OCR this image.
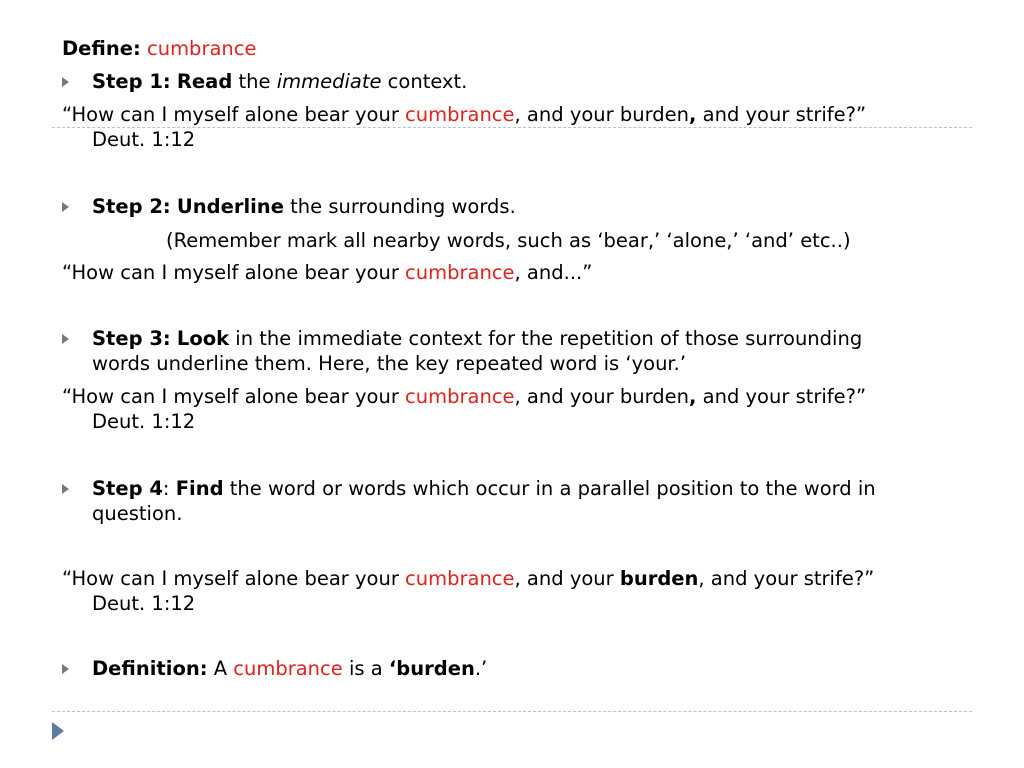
Define: cumbrance
Step 1: Read the immediate context.
“How can I myself alone bear your cumbrance, and your burden, and your strife?”
Deut. 1:12
Step 2: Underline the surrounding words.
(Remember mark all nearby words, such as ‘bear,’ ‘alone,’ ‘and’ etc..)
“How can I myself alone bear your cumbrance, and...”
Step 3: Look in the immediate context for the repetition of those surrounding
words underline them. Here, the key repeated word is ‘your.’
“How can I myself alone bear your cumbrance, and your burden, and your strife?”
Deut. 1:12
Step 4: Find the word or words which occur in a parallel position to the word in
question.
“How can I myself alone bear your cumbrance, and your burden, and your strife?”
Deut. 1:12
Definition: A cumbrance is a ‘burden.’
